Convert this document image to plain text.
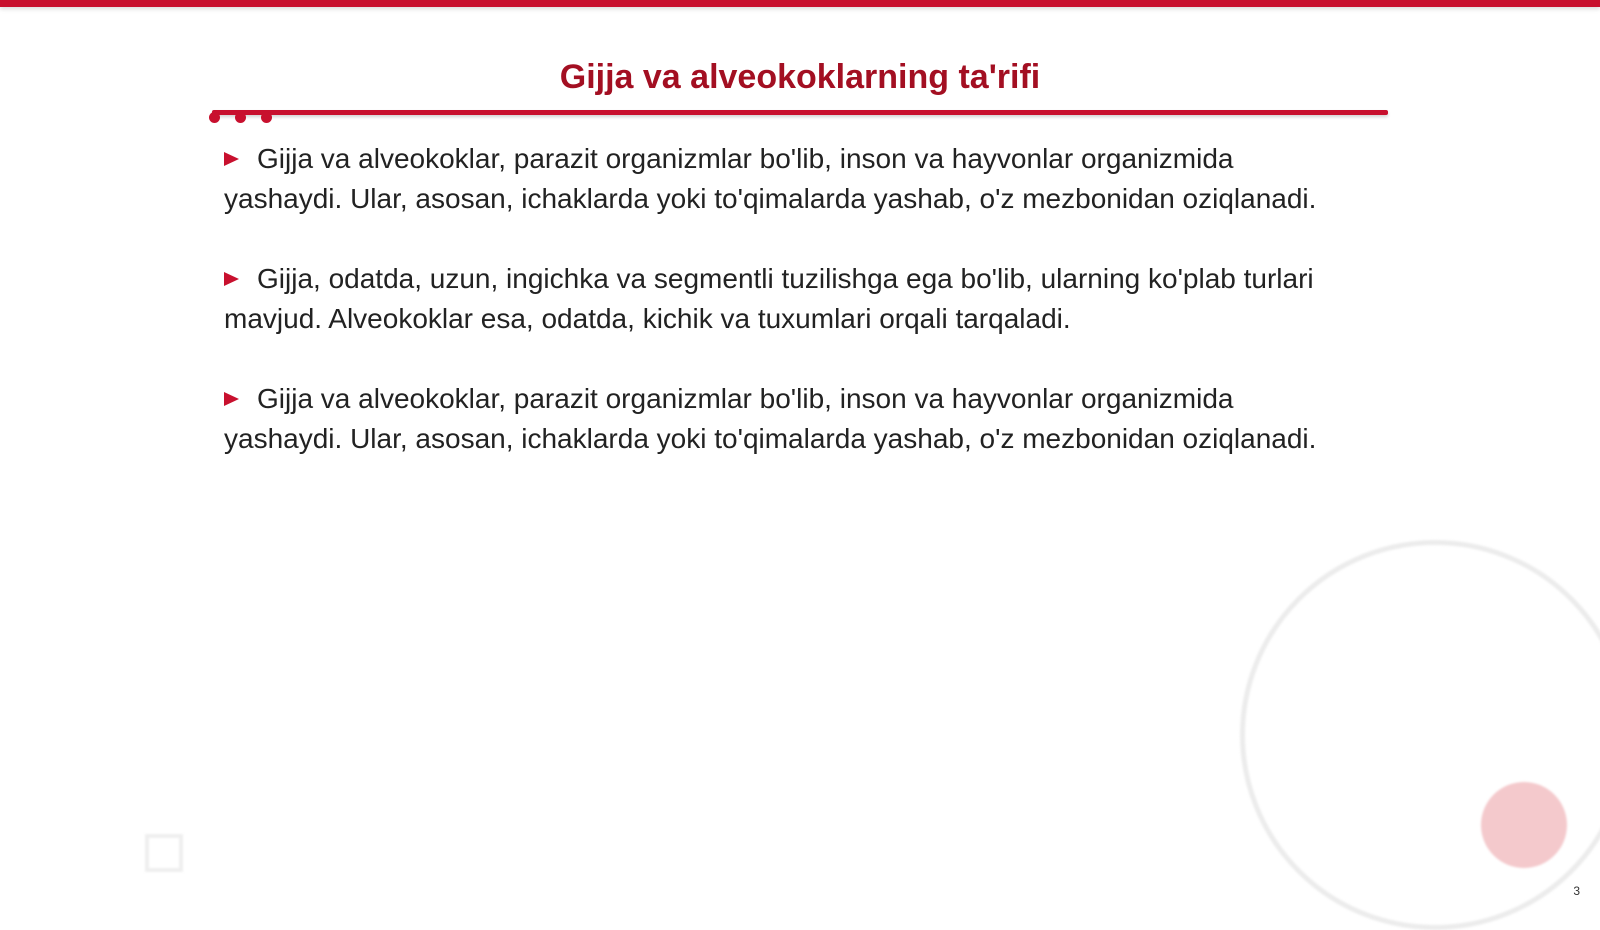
Gijja va alveokoklarning ta'rifi

Gijja va alveokoklar, parazit organizmlar bo'lib, inson va hayvonlar organizmida yashaydi. Ular, asosan, ichaklarda yoki to'qimalarda yashab, o'z mezbonidan oziqlanadi.

Gijja, odatda, uzun, ingichka va segmentli tuzilishga ega bo'lib, ularning ko'plab turlari mavjud. Alveokoklar esa, odatda, kichik va tuxumlari orqali tarqaladi.

Gijja va alveokoklar, parazit organizmlar bo'lib, inson va hayvonlar organizmida yashaydi. Ular, asosan, ichaklarda yoki to'qimalarda yashab, o'z mezbonidan oziqlanadi.

3
